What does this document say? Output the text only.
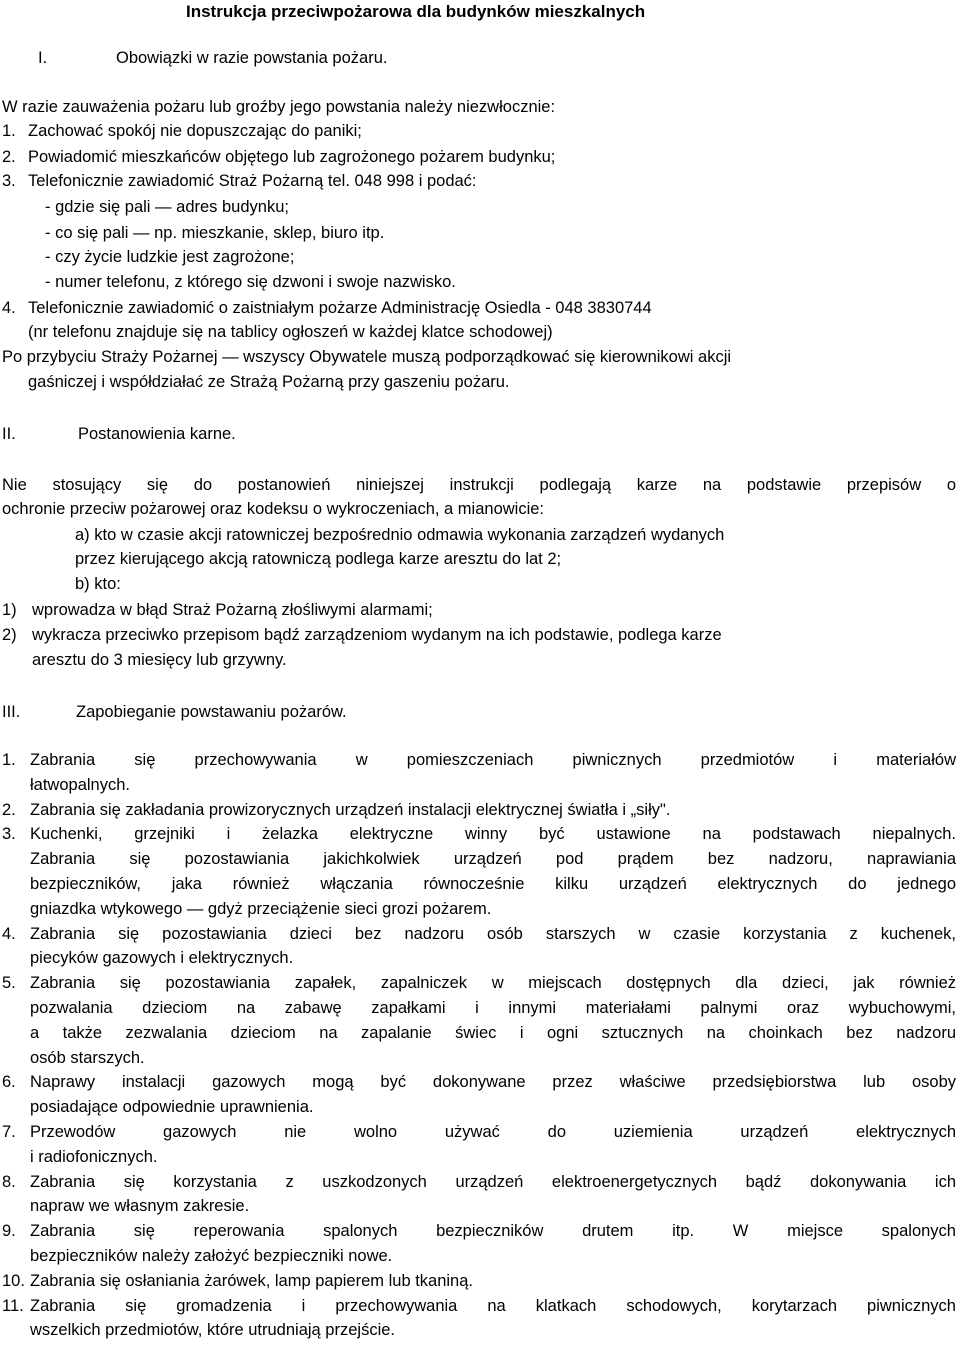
Instrukcja przeciwpożarowa dla budynków mieszkalnych
I.	Obowiązki w razie powstania pożaru.
W razie zauważenia pożaru lub groźby jego powstania należy niezwłocznie:
1. Zachować spokój nie dopuszczając do paniki;
2. Powiadomić mieszkańców objętego lub zagrożonego pożarem budynku;
3. Telefonicznie zawiadomić Straż Pożarną tel. 048 998 i podać:
- gdzie się pali — adres budynku;
- co się pali — np. mieszkanie, sklep, biuro itp.
- czy życie ludzkie jest zagrożone;
- numer telefonu, z którego się dzwoni i swoje nazwisko.
4. Telefonicznie zawiadomić o zaistniałym pożarze Administrację Osiedla - 048 3830744
(nr telefonu znajduje się na tablicy ogłoszeń w każdej klatce schodowej)
Po przybyciu Straży Pożarnej — wszyscy Obywatele muszą podporządkować się kierownikowi akcji
gaśniczej i współdziałać ze Strażą Pożarną przy gaszeniu pożaru.
II.	Postanowienia karne.
Nie stosujący się do postanowień niniejszej instrukcji podlegają karze na podstawie przepisów o
ochronie przeciw pożarowej oraz kodeksu o wykroczeniach, a mianowicie:
a) kto w czasie akcji ratowniczej bezpośrednio odmawia wykonania zarządzeń wydanych
przez kierującego akcją ratowniczą podlega karze aresztu do lat 2;
b) kto:
1) wprowadza w błąd Straż Pożarną złośliwymi alarmami;
2) wykracza przeciwko przepisom bądź zarządzeniom wydanym na ich podstawie, podlega karze
aresztu do 3 miesięcy lub grzywny.
III.	Zapobieganie powstawaniu pożarów.
1. Zabrania się przechowywania w pomieszczeniach piwnicznych przedmiotów i materiałów
łatwopalnych.
2. Zabrania się zakładania prowizorycznych urządzeń instalacji elektrycznej światła i „siły".
3. Kuchenki, grzejniki i żelazka elektryczne winny być ustawione na podstawach niepalnych.
Zabrania się pozostawiania jakichkolwiek urządzeń pod prądem bez nadzoru, naprawiania
bezpieczników, jaka również włączania równocześnie kilku urządzeń elektrycznych do jednego
gniazdka wtykowego — gdyż przeciążenie sieci grozi pożarem.
4. Zabrania się pozostawiania dzieci bez nadzoru osób starszych w czasie korzystania z kuchenek,
piecyków gazowych i elektrycznych.
5. Zabrania się pozostawiania zapałek, zapalniczek w miejscach dostępnych dla dzieci, jak również
pozwalania dzieciom na zabawę zapałkami i innymi materiałami palnymi oraz wybuchowymi,
a także zezwalania dzieciom na zapalanie świec i ogni sztucznych na choinkach bez nadzoru
osób starszych.
6. Naprawy instalacji gazowych mogą być dokonywane przez właściwe przedsiębiorstwa lub osoby
posiadające odpowiednie uprawnienia.
7. Przewodów gazowych nie wolno używać do uziemienia urządzeń elektrycznych
i radiofonicznych.
8. Zabrania się korzystania z uszkodzonych urządzeń elektroenergetycznych bądź dokonywania ich
napraw we własnym zakresie.
9. Zabrania się reperowania spalonych bezpieczników drutem itp. W miejsce spalonych
bezpieczników należy założyć bezpieczniki nowe.
10. Zabrania się osłaniania żarówek, lamp papierem lub tkaniną.
11. Zabrania się gromadzenia i przechowywania na klatkach schodowych, korytarzach piwnicznych
wszelkich przedmiotów, które utrudniają przejście.
